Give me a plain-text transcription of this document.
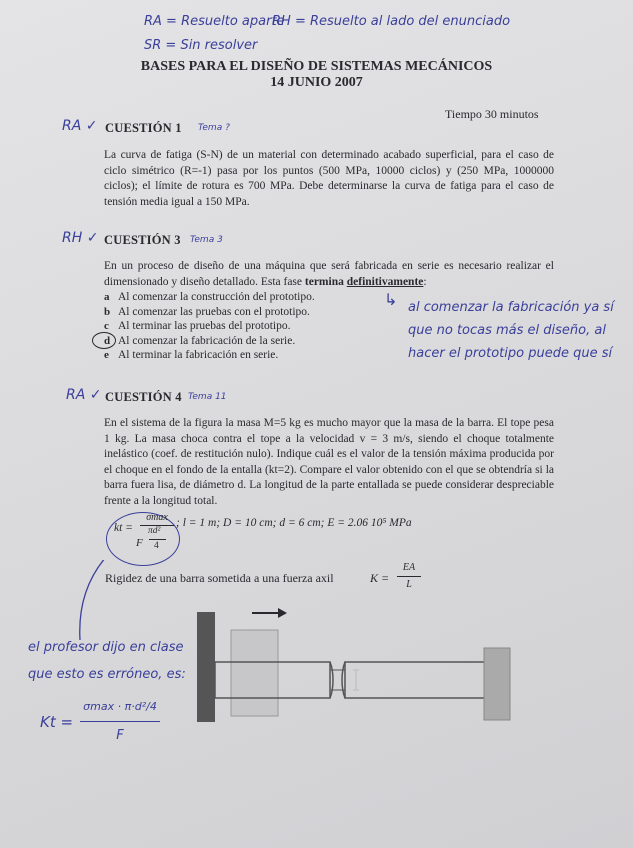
RA = Resuelto aparte
RH = Resuelto al lado del enunciado
SR = Sin resolver
BASES PARA EL DISEÑO DE SISTEMAS MECÁNICOS
14 JUNIO 2007
Tiempo 30 minutos
RA ✓ CUESTIÓN 1 Tema ?
La curva de fatiga (S-N) de un material con determinado acabado superficial, para el caso de ciclo simétrico (R=-1) pasa por los puntos (500 MPa, 10000 ciclos) y (250 MPa, 1000000 ciclos); el límite de rotura es 700 MPa. Debe determinarse la curva de fatiga para el caso de tensión media igual a 150 MPa.
RH ✓ CUESTIÓN 3 Tema 3
En un proceso de diseño de una máquina que será fabricada en serie es necesario realizar el dimensionado y diseño detallado. Esta fase termina definitivamente:
a Al comenzar la construcción del prototipo.
b Al comenzar las pruebas con el prototipo.
c Al terminar las pruebas del prototipo.
d Al comenzar la fabricación de la serie.
e Al terminar la fabricación en serie.
↳ al comenzar la fabricación ya sí
que no tocas más el diseño, al
hacer el prototipo puede que sí
RA ✓ CUESTIÓN 4 Tema 11
En el sistema de la figura la masa M=5 kg es mucho mayor que la masa de la barra. El tope pesa 1 kg. La masa choca contra el tope a la velocidad v = 3 m/s, siendo el choque totalmente inelástico (coef. de restitución nulo). Indique cuál es el valor de la tensión máxima producida por el choque en el fondo de la entalla (kt=2). Compare el valor obtenido con el que se obtendría si la barra fuera lisa, de diámetro d. La longitud de la parte entallada se puede considerar despreciable frente a la longitud total.
kt =
σmax
F
πd²
4
; l = 1 m; D = 10 cm; d = 6 cm; E = 2.06 10⁵ MPa
Rigidez de una barra sometida a una fuerza axil	K =
EA
L
el profesor dijo en clase
que esto es erróneo, es:
Kt =
σmax · π·d²/4
F
